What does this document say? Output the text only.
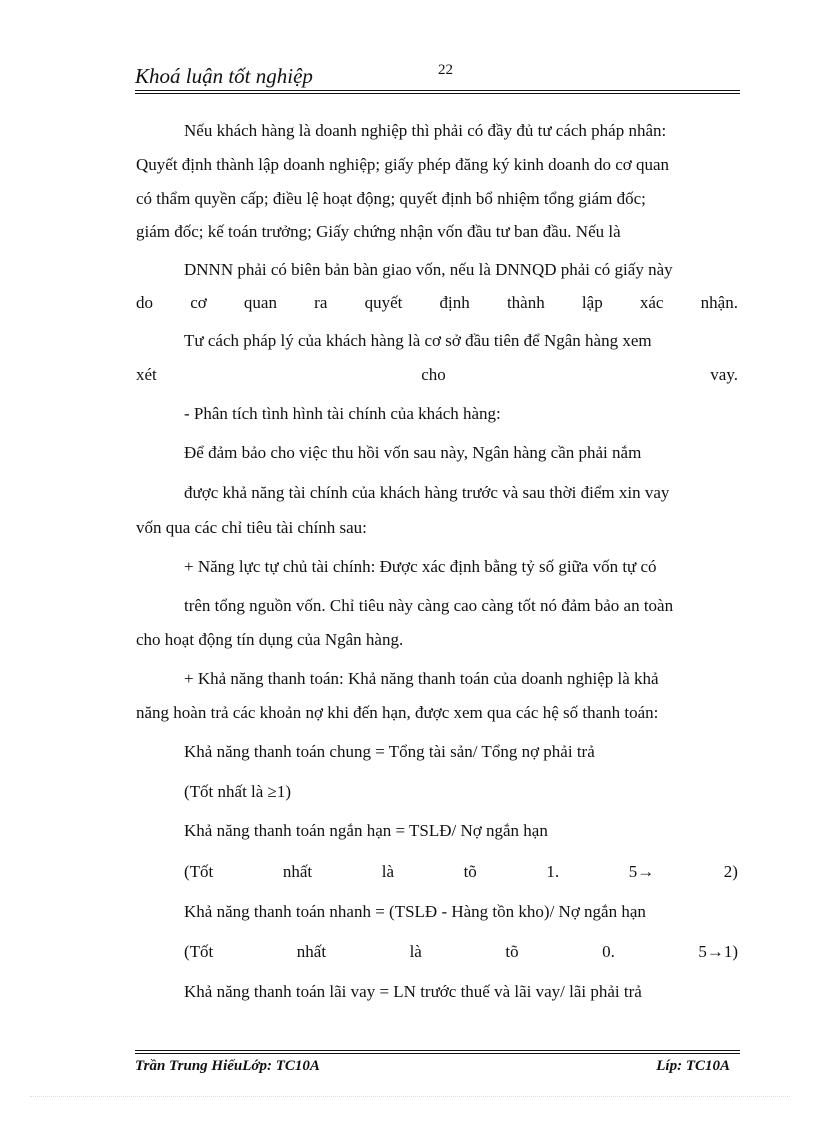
Khoá luận tốt nghiệp	22
Nếu khách hàng là doanh nghiệp thì phải có đầy đủ tư cách pháp nhân:
Quyết định thành lập doanh nghiệp; giấy phép đăng ký kinh doanh do cơ quan
có thẩm quyền cấp; điều lệ hoạt động; quyết định bổ nhiệm tổng giám đốc;
giám đốc; kế toán trưởng; Giấy chứng nhận vốn đầu tư ban đầu. Nếu là
DNNN phải có biên bản bàn giao vốn, nếu là DNNQD phải có giấy này
do cơ quan ra quyết định thành lập xác nhận.
Tư cách pháp lý của khách hàng là cơ sở đầu tiên để Ngân hàng xem
xét	cho	vay.
- Phân tích tình hình tài chính của khách hàng:
Để đảm bảo cho việc thu hồi vốn sau này, Ngân hàng cần phải nắm
được khả năng tài chính của khách hàng trước và sau thời điểm xin vay
vốn qua các chỉ tiêu tài chính sau:
+ Năng lực tự chủ tài chính: Được xác định bằng tỷ số giữa vốn tự có
trên tổng nguồn vốn. Chỉ tiêu này càng cao càng tốt nó đảm bảo an toàn
cho hoạt động tín dụng của Ngân hàng.
+ Khả năng thanh toán: Khả năng thanh toán của doanh nghiệp là khả
năng hoàn trả các khoản nợ khi đến hạn, được xem qua các hệ số thanh toán:
Khả năng thanh toán chung = Tổng tài sản/ Tổng nợ phải trả
(Tốt nhất là ≥1)
Khả năng thanh toán ngắn hạn = TSLĐ/ Nợ ngắn hạn
(Tốt	nhất	là	tõ	1.	5→	2)
Khả năng thanh toán nhanh = (TSLĐ - Hàng tồn kho)/ Nợ ngắn hạn
(Tốt	nhất	là	tõ	0.	5→1)
Khả năng thanh toán lãi vay = LN trước thuế và lãi vay/ lãi phải trả
Trần Trung HiếuLớp: TC10A	Líp: TC10A
